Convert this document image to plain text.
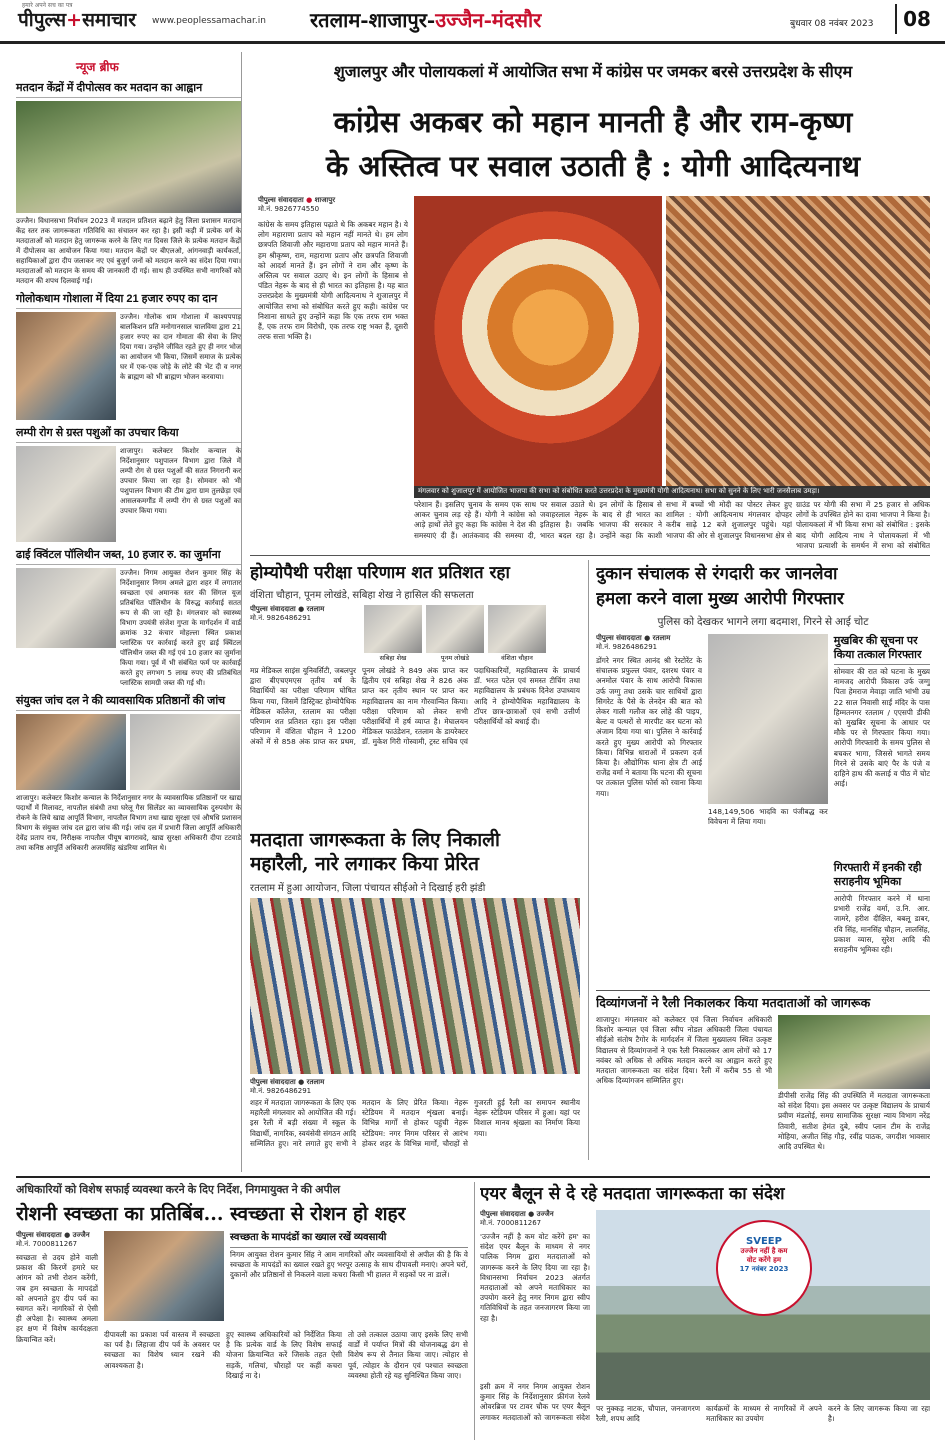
हमारे अपने सच का पत्र
पीपुल्स+समाचार www.peoplessamachar.in रतलाम-शाजापुर-उज्जैन-मंदसौर	बुधवार 08 नवंबर 2023	08
न्यूज ब्रीफ
मतदान केंद्रों में दीपोत्सव कर मतदान का आह्वान

उज्जैन। विधानसभा निर्वाचन 2023 में मतदान प्रतिशत बढ़ाने हेतु जिला प्रशासन मतदान केंद्र स्तर तक जागरूकता गतिविधि का संचालन कर रहा है। इसी कड़ी में प्रत्येक वर्ग के मतदाताओं को मतदान हेतु जागरूक करने के लिए गत दिवस जिले के प्रत्येक मतदान केंद्रों में दीपोत्सव का आयोजन किया गया। मतदान केंद्रों पर बीएलओ, आंगनवाड़ी कार्यकर्ता, सहायिकाओं द्वारा दीप जलाकर नए एवं बुजुर्ग जनों को मतदान करने का संदेश दिया गया। मतदाताओं को मतदान के समय की जानकारी दी गई। साथ ही उपस्थित सभी नागरिकों को मतदान की शपथ दिलवाई गई।

गोलोकधाम गोशाला में दिया 21 हजार रुपए का दान

उज्जैन। गोलोक धाम गोशाला में काश्यपपाड़ बालकिशन प्रति मनोगानसाल चालविया द्वारा 21 हजार रुपए का दान गोमाता की सेवा के लिए दिया गया। उन्होंने जीवित रहते हुए ही नगर भोज का आयोजन भी किया, जिसमें समाज के प्रत्येक घर में एक-एक जोड़े के लोटे की भेंट दी व नगर के ब्राह्मण को भी ब्राह्मण भोजन करवाया।

लम्पी रोग से ग्रस्त पशुओं का उपचार किया

शाजापुर। कलेक्टर किशोर कन्याल के निर्देशानुसार पशुपालन विभाग द्वारा जिले में लम्पी रोग से ग्रस्त पशुओं की सतत निगरानी कर उपचार किया जा रहा है। सोमवार को भी पशुपालन विभाग की टीम द्वारा ग्राम तुलछेड़ा एवं आसलकमगौंड में लम्पी रोग से ग्रस्त पशुओं का उपचार किया गया।

ढाई क्विंटल पॉलिथीन जब्त, 10 हजार रु. का जुर्माना

उज्जैन। निगम आयुक्त रोशन कुमार सिंह के निर्देशानुसार निगम अमले द्वारा शहर में लगातार स्वच्छता एवं अमानक स्तर की सिंगल यूज प्रतिबंधित पॉलिथीन के विरुद्ध कार्रवाई सतत रूप से की जा रही है। मंगलवार को स्वास्थ्य विभाग उपयंत्री संजेश गुप्ता के मार्गदर्शन में वार्ड क्रमांक 32 कंचार मोहल्ला स्थित प्रकाश प्लास्टिक पर कार्रवाई करते हुए ढाई क्विंटल पॉलिथीन जब्त की गई एवं 10 हजार का जुर्माना किया गया। पूर्व में भी संबंधित फर्म पर कार्रवाई करते हुए लगभग 5 लाख रुपए की प्रतिबंधित प्लास्टिक सामग्री जब्त की गई थी।

संयुक्त जांच दल ने की व्यावसायिक प्रतिष्ठानों की जांच

शाजापुर। कलेक्टर किशोर कन्याल के निर्देशानुसार नगर के व्यावसायिक प्रतिष्ठानों पर खाद्य पदार्थों में मिलावट, नापतौल संबंधी तथा घरेलू गैस सिलेंडर का व्यावसायिक दुरुपयोग के रोकने के लिये खाद्य आपूर्ति विभाग, नापतौल विभाग तथा खाद्य सुरक्षा एवं औषधि प्रशासन विभाग के संयुक्त जांच दल द्वारा जांच की गई। जांच दल में प्रभारी जिला आपूर्ति अधिकारी देवेंद्र प्रताप राय, निरीक्षक नापतौल पीयूष बागरावदे, खाद्य सुरक्षा अधिकारी दीपा टटवाडे तथा कनिष्ठ आपूर्ति अधिकारी अजयसिंह खंडरिया शामिल थे।

शुजालपुर और पोलायकलां में आयोजित सभा में कांग्रेस पर जमकर बरसे उत्तरप्रदेश के सीएम
कांग्रेस अकबर को महान मानती है और राम-कृष्ण
के अस्तित्व पर सवाल उठाती है : योगी आदित्यनाथ
पीपुल्स संवाददाता ● शाजापुर
मो.नं. 9826774550
कांग्रेस के समय इतिहास पढ़ाते थे कि अकबर महान है। ये लोग महाराणा प्रताप को महान नहीं मानते थे। हम लोग छत्रपति शिवाजी और महाराणा प्रताप को महान मानते हैं। हम श्रीकृष्ण, राम, महाराणा प्रताप और छत्रपति शिवाजी को आदर्श मानते हैं। इन लोगों ने राम और कृष्ण के अस्तित्व पर सवाल उठाए थे। इन लोगों के हिसाब से पंडित नेहरू के बाद से ही भारत का इतिहास है। यह बात उत्तरप्रदेश के मुख्यमंत्री योगी आदित्यनाथ ने शुजालपुर में आयोजित सभा को संबोधित करते हुए कही। कांग्रेस पर निशाना साधते हुए उन्होंने कहा कि एक तरफ राम भक्त हैं, एक तरफ राम विरोधी, एक तरफ राष्ट्र भक्त हैं, दूसरी तरफ सत्ता भक्ति है।
मंगलवार को शुजालपुर में आयोजित भाजपा की सभा को संबोधित करते उत्तरप्रदेश के मुख्यमंत्री योगी आदित्यनाथ। सभा को सुनने के लिए भारी जनसैलाब उमड़ा।
परेशान हैं। इसलिए चुनाव के समय एक साथ आकर चुनाव लड़ रहे हैं। योगी ने कांग्रेस को आड़े हाथों लेते हुए कहा कि कांग्रेस ने देश की समस्याएं दी हैं। आतंकवाद की समस्या दी,
पर सवाल उठाते थे। इन लोगों के हिसाब से जवाहरलाल नेहरू के बाद से ही भारत का इतिहास है। जबकि भाजपा की सरकार ने भारत बदल रहा है। उन्होंने कहा कि काशी
सभा में बच्चों भी मोदी का पोस्टर लेकर हुए शामिल : योगी आदित्यनाथ मंगलवार दोपहर करीब साढ़े 12 बजे शुजालपुर पहुंचे। यहां भाजपा की ओर से शुजालपुर विधानसभा क्षेत्र से
ग्राउंड पर योगी की सभा में 25 हजार से अधिक लोगों के उपस्थित होने का दावा भाजपा ने किया है। पोलायकलां में भी किया सभा को संबोधित : इसके बाद योगी आदित्य नाथ ने पोलायकलां में भी भाजपा प्रत्याशी के समर्थन में सभा को संबोधित
होम्योपैथी परीक्षा परिणाम शत प्रतिशत रहा
वंशिता चौहान, पूनम लोखंडे, सबिहा शेख ने हासिल की सफलता
पीपुल्स संवाददाता ● रतलाम
मो.नं. 9826486291
सबिहा शेख	पूनम लोखंडे	वंशिता चौहान
मप्र मेडिकल साइंस यूनिवर्सिटी, जबलपुर द्वारा बीएचएमएस तृतीय वर्ष के विद्यार्थियों का परीक्षा परिणाम घोषित किया गया, जिसमें डिस्ट्रिक्ट होम्योपैथिक मेडिकल कॉलेज, रतलाम का परीक्षा परिणाम शत प्रतिशत रहा। इस परीक्षा परिणाम में वंशिता चौहान ने 1200 अंकों में से 858 अंक प्राप्त कर प्रथम, पूनम लोखंडे ने 849 अंक प्राप्त कर द्वितीय एवं सबिहा शेख ने 826 अंक प्राप्त कर तृतीय स्थान पर प्राप्त कर महाविद्यालय का नाम गौरवान्वित किया। परीक्षा परिणाम को लेकर सभी परीक्षार्थियों में हर्ष व्याप्त है। मेघालयन मेडिकल फाउंडेशन, रतलाम के डायरेक्टर डॉ. मुकेश गिरी गोस्वामी, ट्रस्ट सचिव एवं पदाधिकारियों, महाविद्यालय के प्राचार्य डॉ. भरत पटेल एवं समस्त टीचिंग तथा महाविद्यालय के प्रबंधक दिनेश उपाध्याय आदि ने होम्योपैथिक महाविद्यालय के टॉपर छात्र-छात्राओं एवं सभी उत्तीर्ण परीक्षार्थियों को बधाई दी।
मतदाता जागरूकता के लिए निकाली
महारैली, नारे लगाकर किया प्रेरित
रतलाम में हुआ आयोजन, जिला पंचायत सीईओ ने दिखाई हरी झंडी
पीपुल्स संवाददाता ● रतलाम
मो.नं. 9826486291
शहर में मतदाता जागरूकता के लिए एक महारैली मंगलवार को आयोजित की गई। इस रैली में बड़ी संख्या में स्कूल के विद्यार्थी, नागरिक, स्वयंसेवी संगठन आदि सम्मिलित हुए। नारे लगाते हुए सभी ने मतदान के लिए प्रेरित किया। नेहरू स्टेडियम में मतदान शृंखला बनाई। विभिन्न मार्गों से होकर पहुंची नेहरू स्टेडियम: नगर निगम परिसर से आरंभ होकर शहर के विभिन्न मार्गों, चौराहों से गुजरती हुई रैली का समापन स्थानीय नेहरू स्टेडियम परिसर में हुआ। यहां पर विशाल मानव श्रृंखला का निर्माण किया गया।
दुकान संचालक से रंगदारी कर जानलेवा
हमला करने वाला मुख्य आरोपी गिरफ्तार
पुलिस को देखकर भागने लगा बदमाश, गिरने से आई चोट
पीपुल्स संवाददाता ● रतलाम
मो.नं. 9826486291
डोंगरे नगर स्थित आनंद श्री रेस्टोरेंट के संचालक प्रफुल्ल पंवार, दशरथ पंवार व अनमोल पंवार के साथ आरोपी विकास उर्फ जग्गु तथा उसके चार साथियों द्वारा सिगरेट के पैसे के लेनदेन की बात को लेकर गाली गलौज कर लोहे की पाइप, बेल्ट व पत्थरों से मारपीट कर घटना को अंजाम दिया गया था। पुलिस ने कार्रवाई करते हुए मुख्य आरोपी को गिरफ्तार किया। विभिन्न धाराओं में प्रकरण दर्ज किया है। औद्योगिक थाना क्षेत्र टी आई राजेंद्र वर्मा ने बताया कि घटना की सूचना पर तत्काल पुलिस फोर्स को रवाना किया गया।
148,149,506 भादवि का पंजीबद्ध कर विवेचना में लिया गया।
मुखबिर की सूचना पर किया तत्काल गिरफ्तार
सोमवार की रात को घटना के मुख्य नामजद आरोपी विकास उर्फ जग्गु पिता हेमराज मेवाड़ा जाति भांभी उम्र 22 साल निवासी साईं मंदिर के पास हिम्मतनगर रतलाम / एएसपी डीकी को मुखबिर सूचना के आधार पर मौके पर से गिरफ्तार किया गया। आरोपी गिरफ्तारी के समय पुलिस से बचकर भागा, जिससे भागते समय गिरने से उसके बाएं पैर के पंजे व दाहिने हाथ की कलाई व पीठ में चोट आई।
गिरफ्तारी में इनकी रही सराहनीय भूमिका
आरोपी गिरफ्तार करने में थाना प्रभारी राजेंद्र वर्मा, उ.नि. आर. जामरे, हरीश दीक्षित, बबलू डाबर, रवि सिंह, मानसिंह चौहान, लालसिंह, प्रकाश व्यास, सुरेश आदि की सराहनीय भूमिका रही।
दिव्यांगजनों ने रैली निकालकर किया मतदाताओं को जागरूक
शाजापुर। मंगलवार को कलेक्टर एवं जिला निर्वाचन अधिकारी किशोर कन्याल एवं जिला स्वीप नोडल अधिकारी जिला पंचायत सीईओ संतोष टैगोर के मार्गदर्शन में जिला मुख्यालय स्थित उत्कृष्ट विद्यालय से दिव्यांगजनों ने एक रैली निकालकर आम लोगों को 17 नवंबर को अधिक से अधिक मतदान करने का आह्वान करते हुए मतदाता जागरूकता का संदेश दिया। रैली में करीब 55 से भी अधिक दिव्यांगजन सम्मिलित हुए।
डीपीसी राजेंद्र सिंह की उपस्थिति में मतदाता जागरूकता को संदेश दिया। इस अवसर पर उत्कृष्ट विद्यालय के प्राचार्य प्रवीण मंडलोई, समग्र सामाजिक सुरक्षा न्याय विभाग नरेंद्र तिवारी, सतीश हेमंत दुबे, स्वीप प्लान टीम के राजेंद्र मोहिया, अजीत सिंह गौड़, रवींद्र पाठक, जगदीश भावसार आदि उपस्थित थे।
अधिकारियों को विशेष सफाई व्यवस्था करने के दिए निर्देश, निगमायुक्त ने की अपील
रोशनी स्वच्छता का प्रतिबिंब... स्वच्छता से रोशन हो शहर
पीपुल्स संवाददाता ● उज्जैन
मो.नं. 7000811267
स्वच्छता से उदय होने वाली प्रकाश की किरणें हमारे घर आंगन को तभी रोशन करेंगी, जब हम स्वच्छता के मापदंडों को अपनाते हुए दीप पर्व का स्वागत करें। नागरिकों से ऐसी ही अपेक्षा है। स्वास्थ्य अमला हर क्षण में विशेष कार्यदक्षता क्रियान्वित करें।
स्वच्छता के मापदंडों का ख्याल रखें व्यवसायी
निगम आयुक्त रोशन कुमार सिंह ने आम नागरिकों और व्यवसायियों से अपील की है कि वे स्वच्छता के मापदंडों का ख्याल रखते हुए भरपूर उत्साह के साथ दीपावली मनाएं। अपने घरों, दुकानों और प्रतिष्ठानों से निकलने वाला कचरा किसी भी हालत में सड़कों पर ना डालें।
दीपावली का प्रकाश पर्व वास्तव में स्वच्छता का पर्व है। लिहाजा दीप पर्व के अवसर पर स्वच्छता का विशेष ध्यान रखने की आवश्यकता है।
हुए स्वास्थ्य अधिकारियों को निर्देशित किया है कि प्रत्येक वार्ड के लिए विशेष सफाई योजना क्रियान्वित करें जिसके तहत ऐसी सड़कें, गलियां, चौराहों पर कहीं कचरा दिखाई ना दे।
तो उसे तत्काल उठाया जाए इसके लिए सभी वार्डों में पर्याप्त मित्रों की योजनाबद्ध ढंग से विशेष रूप से तैनात किया जाए। त्योहार से पूर्व, त्योहार के दौरान एवं पश्चात स्वच्छता व्यवस्था होती रहे यह सुनिश्चित किया जाए।
एयर बैलून से दे रहे मतदाता जागरूकता का संदेश
पीपुल्स संवाददाता ● उज्जैन
मो.नं. 7000811267
'उज्जैन नहीं है कम वोट करेंगे हम' का संदेश एयर बैलून के माध्यम से नगर पालिक निगम द्वारा मतदाताओं को जागरूक करने के लिए दिया जा रहा है। विधानसभा निर्वाचन 2023 अंतर्गत मतदाताओं को अपने मताधिकार का उपयोग करने हेतु नगर निगम द्वारा स्वीप गतिविधियों के तहत जनजागरण किया जा रहा है।
इसी क्रम में नगर निगम आयुक्त रोशन कुमार सिंह के निर्देशानुसार फ्रीगंज रेलवे ओवरब्रिज पर टावर चौक पर एयर बैलून लगाकर मतदाताओं को जागरूकता संदेश
SVEEP
उज्जैन नहीं है कम
वोट करेंगे हम
17 नवंबर 2023
पर नुक्कड़ नाटक, चौपाल, जनजागरण रैली, शपथ आदि
कार्यक्रमों के माध्यम से नागरिकों में अपने मताधिकार का उपयोग
करने के लिए जागरूक किया जा रहा है।
